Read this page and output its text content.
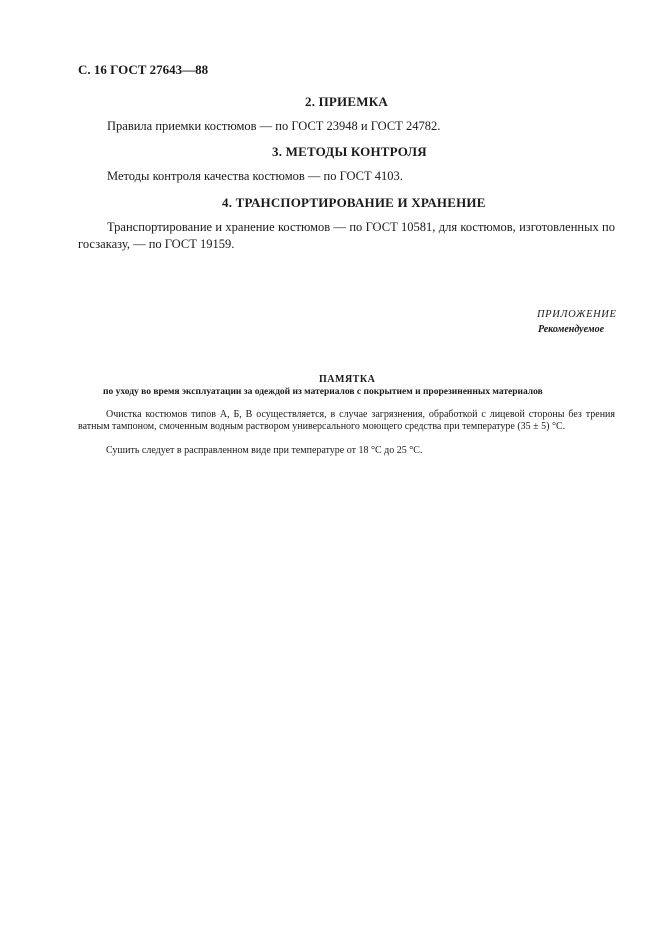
С. 16 ГОСТ 27643—88
2. ПРИЕМКА
Правила приемки костюмов — по ГОСТ 23948 и ГОСТ 24782.
3. МЕТОДЫ КОНТРОЛЯ
Методы контроля качества костюмов — по ГОСТ 4103.
4. ТРАНСПОРТИРОВАНИЕ И ХРАНЕНИЕ
Транспортирование и хранение костюмов — по ГОСТ 10581, для костюмов, изготовленных по госзаказу, — по ГОСТ 19159.
ПРИЛОЖЕНИЕ
Рекомендуемое
ПАМЯТКА
по уходу во время эксплуатации за одеждой из материалов с покрытием и прорезиненных материалов
Очистка костюмов типов А, Б, В осуществляется, в случае загрязнения, обработкой с лицевой стороны без трения ватным тампоном, смоченным водным раствором универсального моющего средства при температуре (35 ± 5) °С.
Сушить следует в расправленном виде при температуре от 18 °С до 25 °С.
